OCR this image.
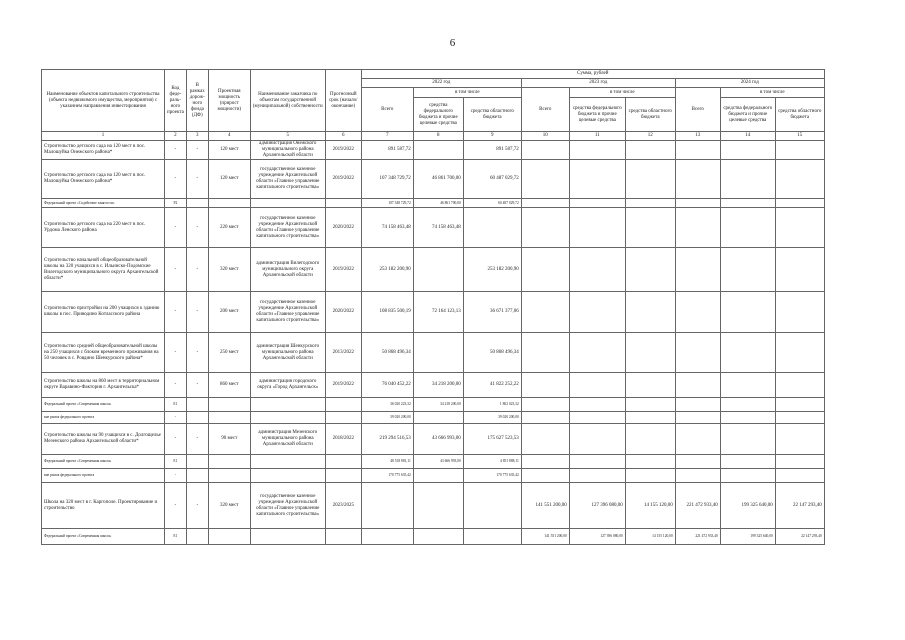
6
Наименование объектов капитального строительства (объекта недвижимого имущества, мероприятия) с указанием направления инвестирования	Код феде-раль-ного проекта	В рамках дорож-ного фонда (ДФ)	Проектная мощность (прирост мощности)	Наименование заказчика по объектам государственной (муниципальной) собственности	Прогнозный срок (начало/ окончание)	Сумма, рублей								
						2022 год			2023 год			2024 год		
						Всего	в том числе		Всего	в том числе		Всего	в том числе	
							средства федерального бюджета и прочие целевые средства	средства областного бюджета		средства федерального бюджета и прочие целевые средства	средства областного бюджета		средства федерального бюджета и прочие целевые средства	средства областного бюджета
1	2	3	4	5	6	7	8	9	10	11	12	13	14	15
Строительство детского сада на 120 мест в пос. Малошуйка Онежского района*	-	-	120 мест	администрация Онежского муниципального района Архангельской области	2019/2022	891 587,72		891 587,72						
Строительство детского сада на 120 мест в пос. Малошуйка Онежского района*	-	-	120 мест	государственное казенное учреждение Архангельской области «Главное управление капитального строительства»	2019/2022	107 348 729,72	46 861 700,00	60 487 029,72						
Федеральный проект «Содействие занятости»	P2					107 348 729,72	46 861 700,00	60 487 029,72						
Строительство детского сада на 220 мест в пос. Урдома Ленского района	-	-	220 мест	государственное казенное учреждение Архангельской области «Главное управление капитального строительства»	2020/2022	74 158 463,48	74 158 463,48							
Строительство начальной общеобразовательной школы на 320 учащихся в с. Ильинско-Подомские Вилегодского муниципального округа Архангельской области*	-	-	320 мест	администрация Вилегодского муниципального округа Архангельской области	2019/2022	253 182 200,90		253 182 200,90						
Строительство пристройки на 200 учащихся к зданию школы в пос. Приводино Котласского района	-	-	200 мест	государственное казенное учреждение Архангельской области «Главное управление капитального строительства»	2020/2022	108 835 500,19	72 164 123,13	36 671 377,06						
Строительство средней общеобразовательной школы на 250 учащихся с блоком временного проживания на 50 человек в с. Ровдино Шенкурского района*	-	-	250 мест	администрация Шенкурского муниципального района Архангельской области	2013/2022	50 868 496,34		50 868 496,34						
Строительство школы на 860 мест в территориальном округе Варавино-Фактория г. Архангельска*	-	-	860 мест	администрация городского округа «Город Архангельск»	2019/2022	76 040 452,22	34 218 200,00	41 822 252,22						
Федеральный проект «Современная школа»	E1					36 020 223,32	34 218 200,00	1 802 023,32						
вне рамок федерального проекта	-					39 020 200,00		39 020 200,00						
Строительство школы на 90 учащихся в с. Долгощелье Мезенского района Архангельской области*	-	-	90 мест	администрация Мезенского муниципального района Архангельской области	2018/2022	219 294 516,53	43 666 993,00	175 627 523,53						
Федеральный проект «Современная школа»	E1					48 518 881,11	43 666 993,00	4 851 888,11						
вне рамок федерального проекта	-					170 775 635,42		170 775 635,42						
Школа на 320 мест в г. Каргополе. Проектирование и строительство	-	-	320 мест	государственное казенное учреждение Архангельской области «Главное управление капитального строительства»	2023/2025				141 551 200,00	127 396 080,00	14 155 120,00	221 472 933,40	199 325 640,00	22 147 293,40
Федеральный проект «Современная школа»	E1								141 551 200,00	127 396 080,00	14 155 120,00	221 472 933,40	199 325 640,00	22 147 293,40
